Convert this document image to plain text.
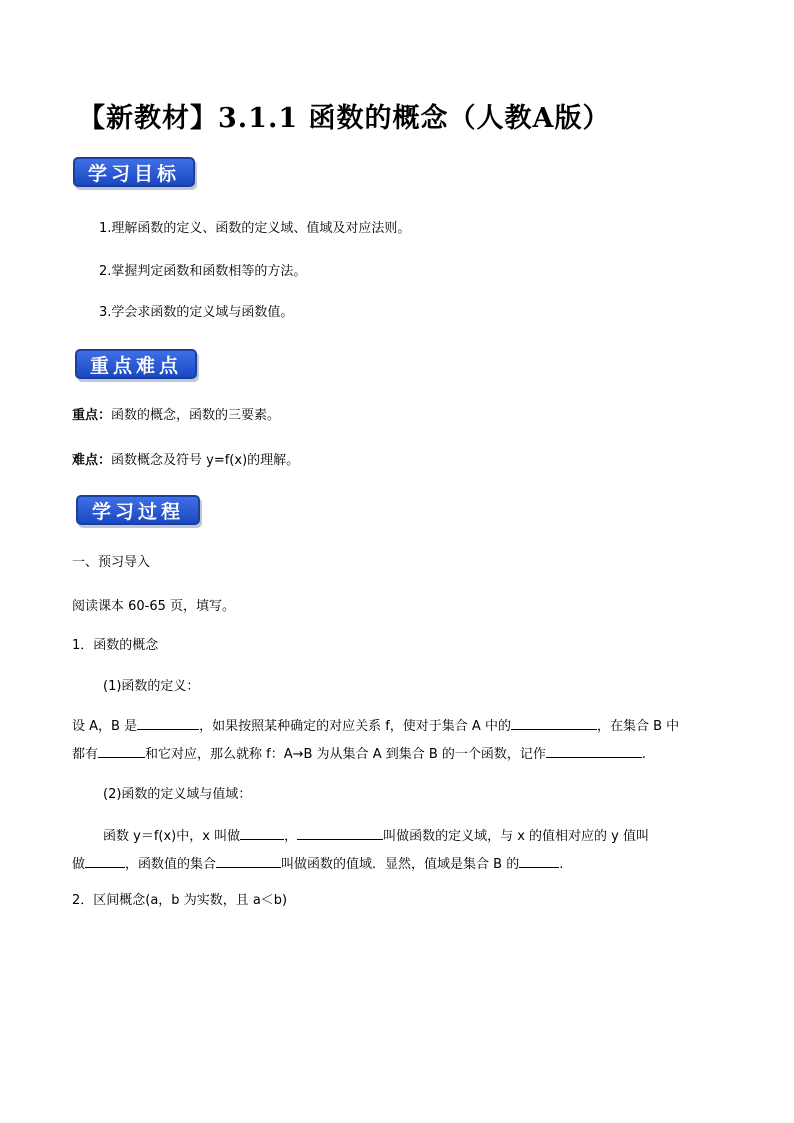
【新教材】3.1.1 函数的概念（人教A版）
学习目标
1.理解函数的定义、函数的定义域、值域及对应法则。
2.掌握判定函数和函数相等的方法。
3.学会求函数的定义域与函数值。
重点难点
重点：函数的概念，函数的三要素。
难点：函数概念及符号 y=f(x)的理解。
学习过程
一、预习导入
阅读课本 60-65 页，填写。
1．函数的概念
(1)函数的定义：
设 A，B 是	，如果按照某种确定的对应关系 f，使对于集合 A 中的	，在集合 B 中
都有	和它对应，那么就称 f：A→B 为从集合 A 到集合 B 的一个函数，记作	.
(2)函数的定义域与值域：
函数 y＝f(x)中，x 叫做	，	叫做函数的定义域，与 x 的值相对应的 y 值叫
做	，函数值的集合	叫做函数的值域．显然，值域是集合 B 的	.
2．区间概念(a，b 为实数，且 a＜b)
